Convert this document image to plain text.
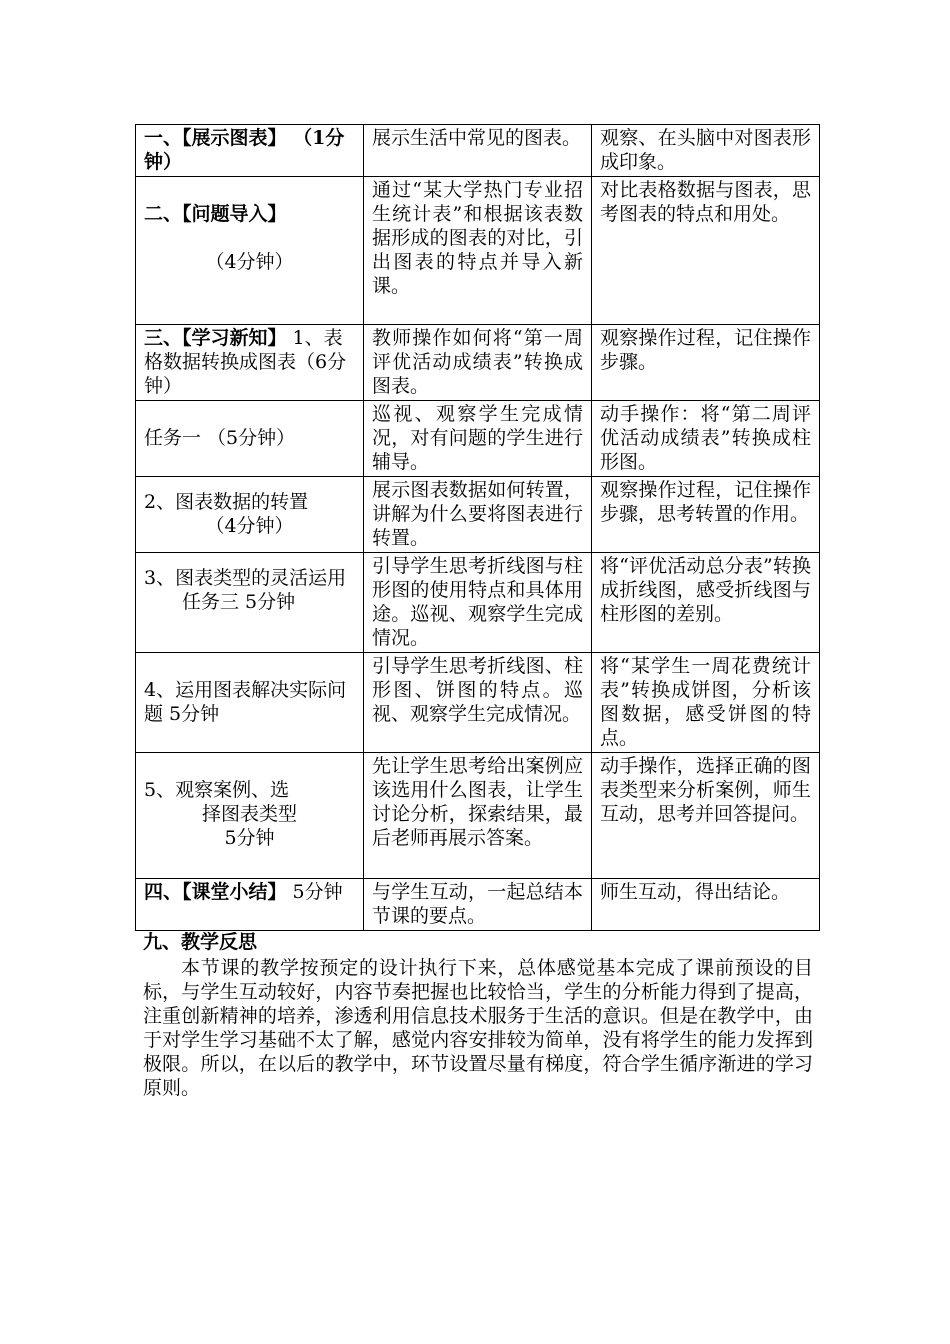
一、【展示图表】 （1分钟）	展示生活中常见的图表。	观察、在头脑中对图表形成印象。

二、【问题导入】
（4分钟）	通过“某大学热门专业招生统计表”和根据该表数据形成的图表的对比，引出图表的特点并导入新课。	对比表格数据与图表，思考图表的特点和用处。
三、【学习新知】 1、表格数据转换成图表（6分钟）	教师操作如何将“第一周评优活动成绩表”转换成图表。	观察操作过程，记住操作步骤。
任务一 （5分钟）	巡视、观察学生完成情况，对有问题的学生进行辅导。	动手操作：将“第二周评优活动成绩表”转换成柱形图。

2、图表数据的转置
（4分钟）	展示图表数据如何转置，讲解为什么要将图表进行转置。	观察操作过程，记住操作步骤，思考转置的作用。

3、图表类型的灵活运用
任务三 5分钟	引导学生思考折线图与柱形图的使用特点和具体用途。巡视、观察学生完成情况。	将“评优活动总分表”转换成折线图，感受折线图与柱形图的差别。
4、运用图表解决实际问题 5分钟	引导学生思考折线图、柱形图、饼图的特点。巡视、观察学生完成情况。	将“某学生一周花费统计表”转换成饼图，分析该图数据，感受饼图的特点。

5、观察案例、选
择图表类型
5分钟	先让学生思考给出案例应该选用什么图表，让学生讨论分析，探索结果，最后老师再展示答案。	动手操作，选择正确的图表类型来分析案例，师生互动，思考并回答提问。
四、【课堂小结】 5分钟	与学生互动，一起总结本节课的要点。	师生互动，得出结论。
九、教学反思

本节课的教学按预定的设计执行下来，总体感觉基本完成了课前预设的目标，与学生互动较好，内容节奏把握也比较恰当，学生的分析能力得到了提高，注重创新精神的培养，渗透利用信息技术服务于生活的意识。但是在教学中，由于对学生学习基础不太了解，感觉内容安排较为简单，没有将学生的能力发挥到极限。所以，在以后的教学中，环节设置尽量有梯度，符合学生循序渐进的学习原则。
